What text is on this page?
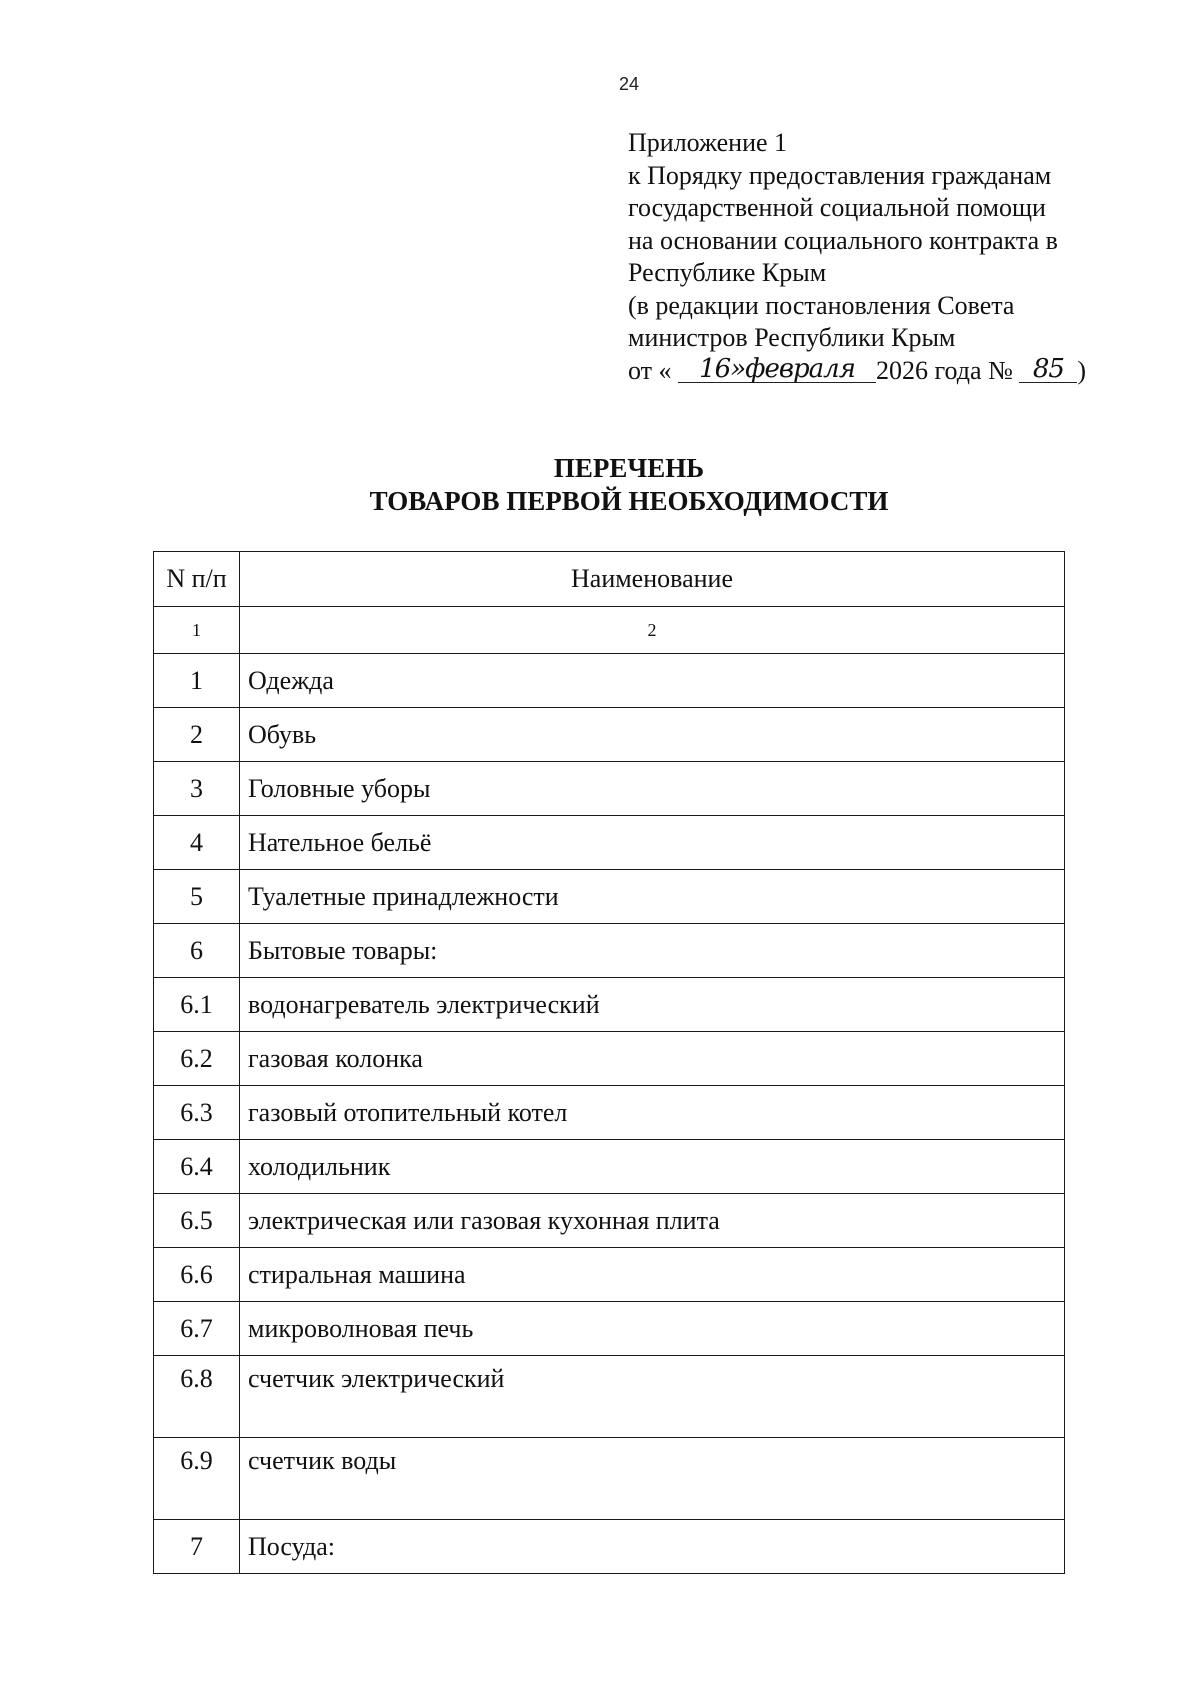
24
Приложение 1
к Порядку предоставления гражданам
государственной социальной помощи
на основании социального контракта в
Республике Крым
(в редакции постановления Совета
министров Республики Крым
от « 16»февраля 2026 года № 85 )
ПЕРЕЧЕНЬ
ТОВАРОВ ПЕРВОЙ НЕОБХОДИМОСТИ
N п/п	Наименование
1	2
1	Одежда
2	Обувь
3	Головные уборы
4	Нательное бельё
5	Туалетные принадлежности
6	Бытовые товары:
6.1	водонагреватель электрический
6.2	газовая колонка
6.3	газовый отопительный котел
6.4	холодильник
6.5	электрическая или газовая кухонная плита
6.6	стиральная машина
6.7	микроволновая печь
6.8	счетчик электрический
6.9	счетчик воды
7	Посуда:
